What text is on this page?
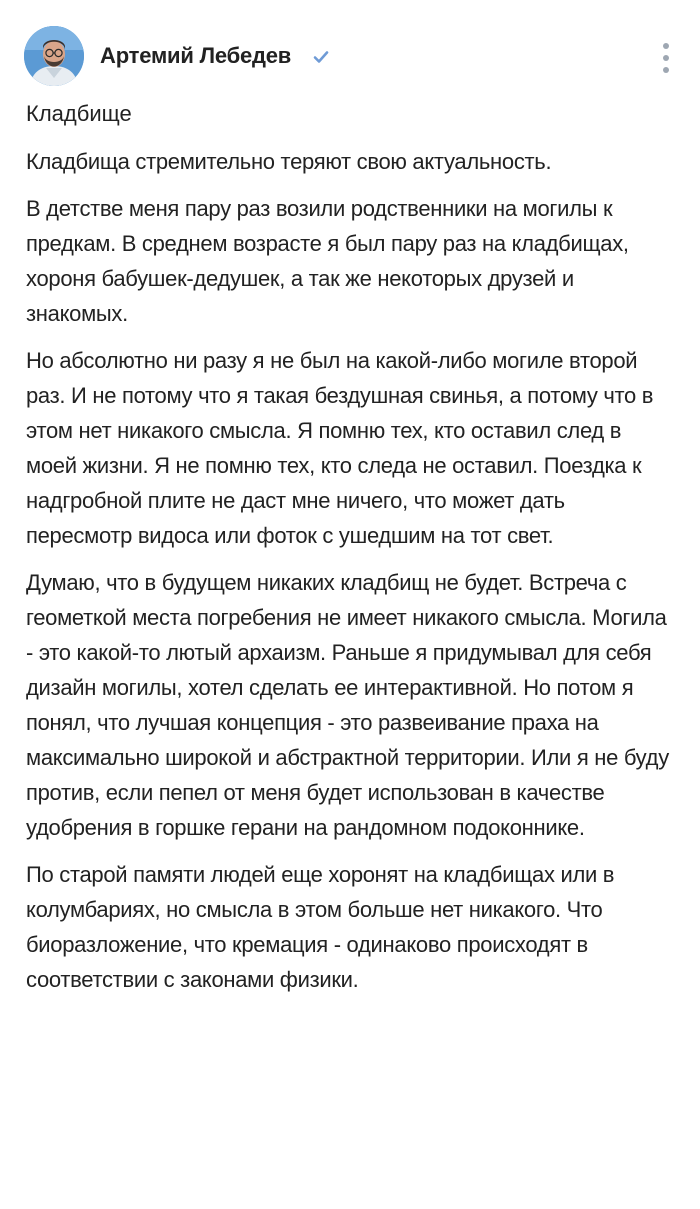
Артемий Лебедев
Кладбище

Кладбища стремительно теряют свою актуальность.

В детстве меня пару раз возили родственники на могилы к предкам. В среднем возрасте я был пару раз на кладбищах, хороня бабушек-дедушек, а так же некоторых друзей и знакомых.

Но абсолютно ни разу я не был на какой-либо могиле второй раз. И не потому что я такая бездушная свинья, а потому что в этом нет никакого смысла. Я помню тех, кто оставил след в моей жизни. Я не помню тех, кто следа не оставил. Поездка к надгробной плите не даст мне ничего, что может дать пересмотр видоса или фоток с ушедшим на тот свет.

Думаю, что в будущем никаких кладбищ не будет. Встреча с геометкой места погребения не имеет никакого смысла. Могила - это какой-то лютый архаизм. Раньше я придумывал для себя дизайн могилы, хотел сделать ее интерактивной. Но потом я понял, что лучшая концепция - это развеивание праха на максимально широкой и абстрактной территории. Или я не буду против, если пепел от меня будет использован в качестве удобрения в горшке герани на рандомном подоконнике.

По старой памяти людей еще хоронят на кладбищах или в колумбариях, но смысла в этом больше нет никакого. Что биоразложение, что кремация - одинаково происходят в соответствии с законами физики.
